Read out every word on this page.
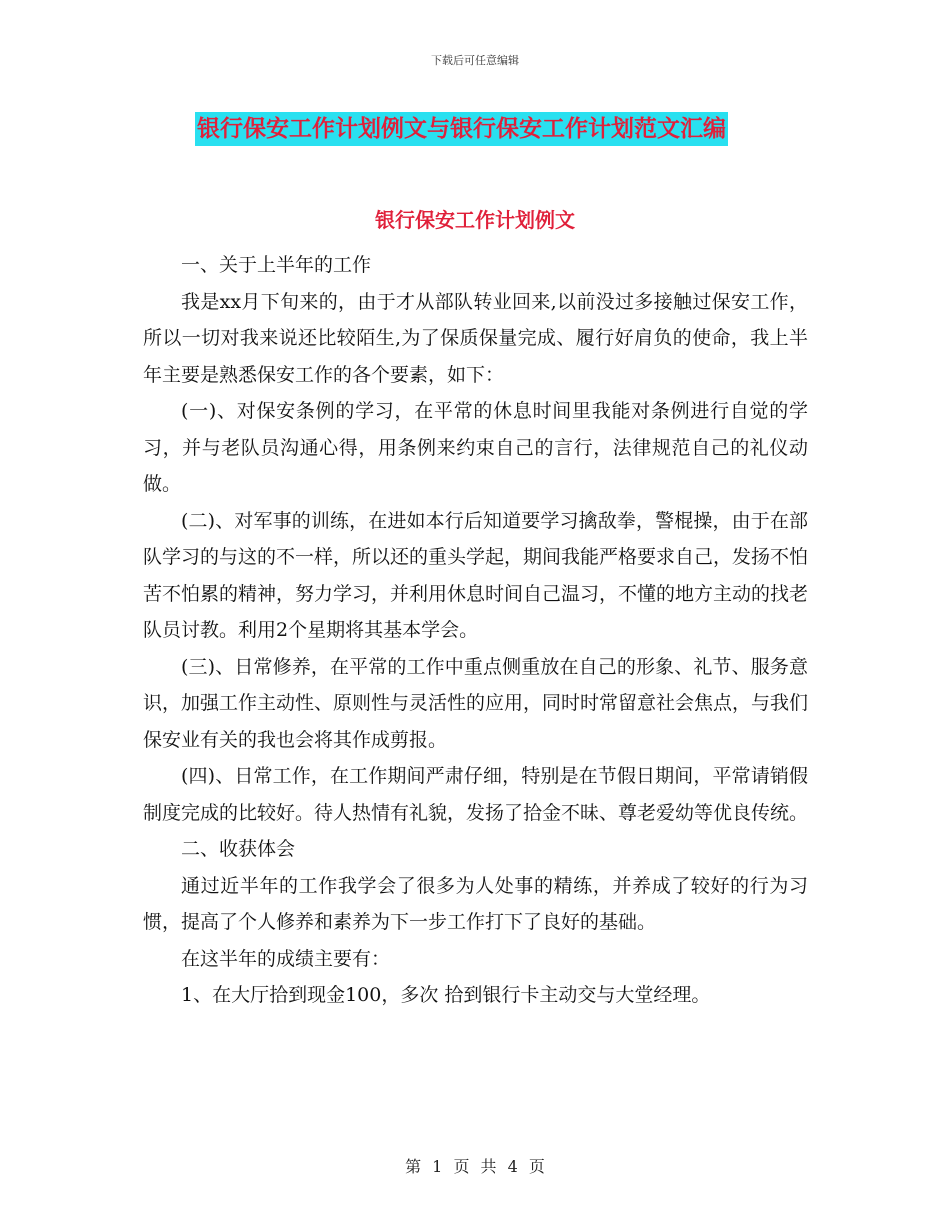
下载后可任意编辑
银行保安工作计划例文与银行保安工作计划范文汇编
银行保安工作计划例文

一、关于上半年的工作

我是xx月下旬来的，由于才从部队转业回来,以前没过多接触过保安工作，所以一切对我来说还比较陌生,为了保质保量完成、履行好肩负的使命，我上半年主要是熟悉保安工作的各个要素，如下：

(一)、对保安条例的学习，在平常的休息时间里我能对条例进行自觉的学习，并与老队员沟通心得，用条例来约束自己的言行，法律规范自己的礼仪动做。

(二)、对军事的训练，在进如本行后知道要学习擒敌拳，警棍操，由于在部队学习的与这的不一样，所以还的重头学起，期间我能严格要求自己，发扬不怕苦不怕累的精神，努力学习，并利用休息时间自己温习，不懂的地方主动的找老队员讨教。利用2个星期将其基本学会。

(三)、日常修养，在平常的工作中重点侧重放在自己的形象、礼节、服务意识，加强工作主动性、原则性与灵活性的应用，同时时常留意社会焦点，与我们保安业有关的我也会将其作成剪报。

(四)、日常工作，在工作期间严肃仔细，特别是在节假日期间，平常请销假制度完成的比较好。待人热情有礼貌，发扬了拾金不昧、尊老爱幼等优良传统。

二、收获体会

通过近半年的工作我学会了很多为人处事的精练，并养成了较好的行为习惯，提高了个人修养和素养为下一步工作打下了良好的基础。

在这半年的成绩主要有：

1、在大厅拾到现金100，多次 拾到银行卡主动交与大堂经理。

第 1 页 共 4 页
